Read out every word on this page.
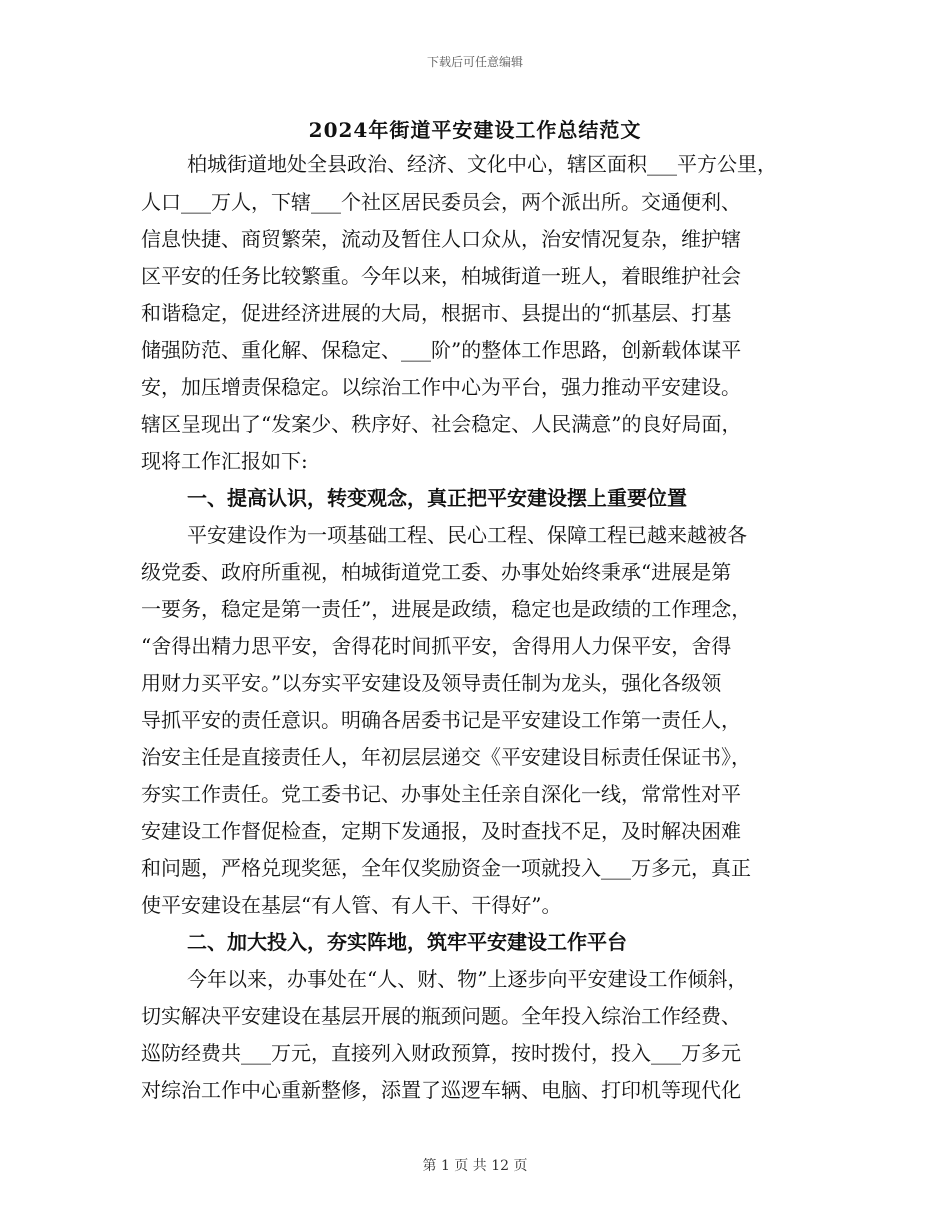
下载后可任意编辑
2024年街道平安建设工作总结范文
柏城街道地处全县政治、经济、文化中心，辖区面积___平方公里，
人口___万人，下辖___个社区居民委员会，两个派出所。交通便利、
信息快捷、商贸繁荣，流动及暂住人口众从，治安情况复杂，维护辖
区平安的任务比较繁重。今年以来，柏城街道一班人，着眼维护社会
和谐稳定，促进经济进展的大局，根据市、县提出的“抓基层、打基
储强防范、重化解、保稳定、___阶”的整体工作思路，创新载体谋平
安，加压增责保稳定。以综治工作中心为平台，强力推动平安建设。
辖区呈现出了“发案少、秩序好、社会稳定、人民满意”的良好局面，
现将工作汇报如下:
一、提高认识，转变观念，真正把平安建设摆上重要位置
平安建设作为一项基础工程、民心工程、保障工程已越来越被各
级党委、政府所重视，柏城街道党工委、办事处始终秉承“进展是第
一要务，稳定是第一责任”，进展是政绩，稳定也是政绩的工作理念，
“舍得出精力思平安，舍得花时间抓平安，舍得用人力保平安，舍得
用财力买平安。”以夯实平安建设及领导责任制为龙头，强化各级领
导抓平安的责任意识。明确各居委书记是平安建设工作第一责任人，
治安主任是直接责任人，年初层层递交《平安建设目标责任保证书》，
夯实工作责任。党工委书记、办事处主任亲自深化一线，常常性对平
安建设工作督促检查，定期下发通报，及时查找不足，及时解决困难
和问题，严格兑现奖惩，全年仅奖励资金一项就投入___万多元，真正
使平安建设在基层“有人管、有人干、干得好”。
二、加大投入，夯实阵地，筑牢平安建设工作平台
今年以来，办事处在“人、财、物”上逐步向平安建设工作倾斜，
切实解决平安建设在基层开展的瓶颈问题。全年投入综治工作经费、
巡防经费共___万元，直接列入财政预算，按时拨付，投入___万多元
对综治工作中心重新整修，添置了巡逻车辆、电脑、打印机等现代化
第 1 页 共 12 页
